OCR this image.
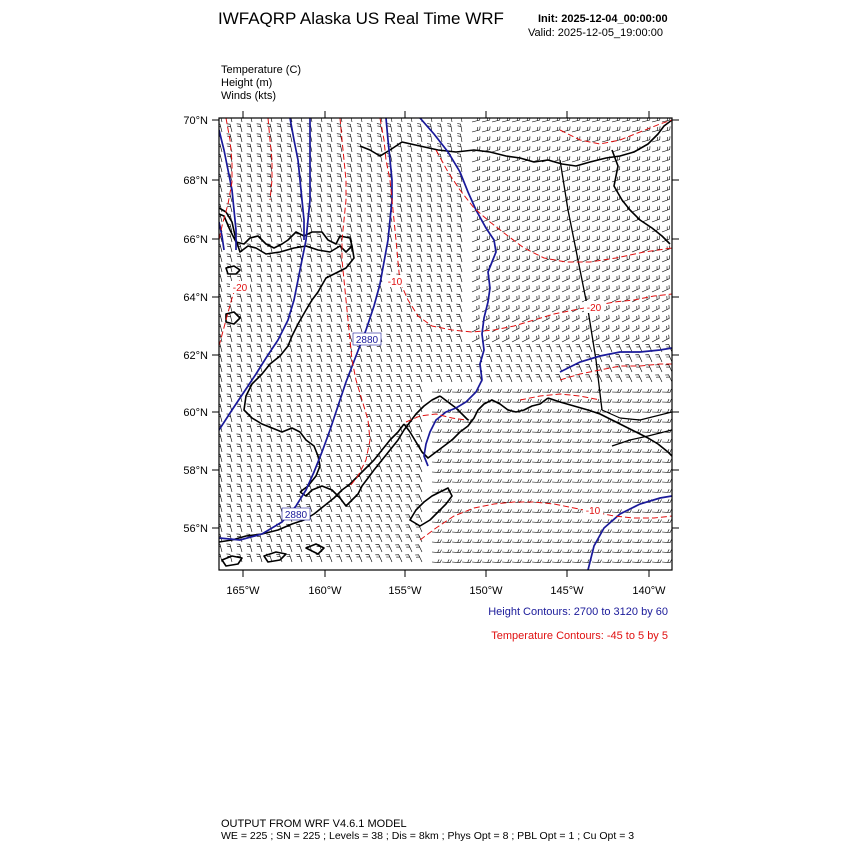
IWFAQRP Alaska US Real Time WRF	Init: 2025-12-04_00:00:00
Valid: 2025-12-05_19:00:00
Temperature (C)
Height (m)
Winds (kts)
2880
2880
-20
-10
-20
-10
70°N
68°N
66°N
64°N
62°N
60°N
58°N
56°N
165°W	160°W	155°W	150°W	145°W	140°W
Height Contours: 2700 to 3120 by 60
Temperature Contours: -45 to 5 by 5
OUTPUT FROM WRF V4.6.1 MODEL
WE = 225 ; SN = 225 ; Levels = 38 ; Dis = 8km ; Phys Opt = 8 ; PBL Opt = 1 ; Cu Opt = 3
